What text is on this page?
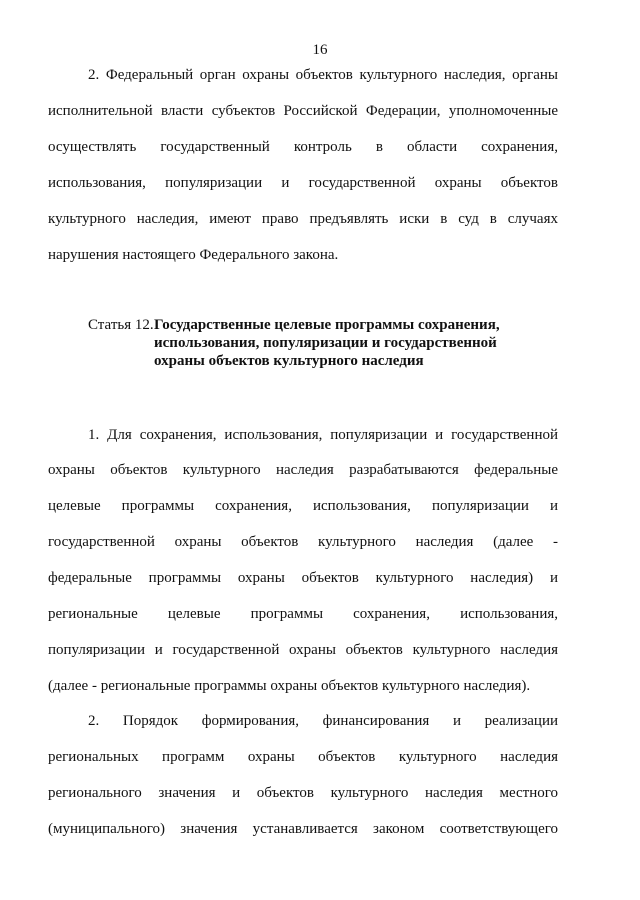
16
2. Федеральный орган охраны объектов культурного наследия, органы
исполнительной власти субъектов Российской Федерации, уполномоченные
осуществлять государственный контроль в области сохранения,
использования, популяризации и государственной охраны объектов
культурного наследия, имеют право предъявлять иски в суд в случаях
нарушения настоящего Федерального закона.
Статья 12.Государственные целевые программы сохранения,
использования, популяризации и государственной
охраны объектов культурного наследия
1. Для сохранения, использования, популяризации и государственной
охраны объектов культурного наследия разрабатываются федеральные
целевые программы сохранения, использования, популяризации и
государственной охраны объектов культурного наследия (далее -
федеральные программы охраны объектов культурного наследия) и
региональные целевые программы сохранения, использования,
популяризации и государственной охраны объектов культурного наследия
(далее - региональные программы охраны объектов культурного наследия).
2. Порядок формирования, финансирования и реализации
региональных программ охраны объектов культурного наследия
регионального значения и объектов культурного наследия местного
(муниципального) значения устанавливается законом соответствующего
